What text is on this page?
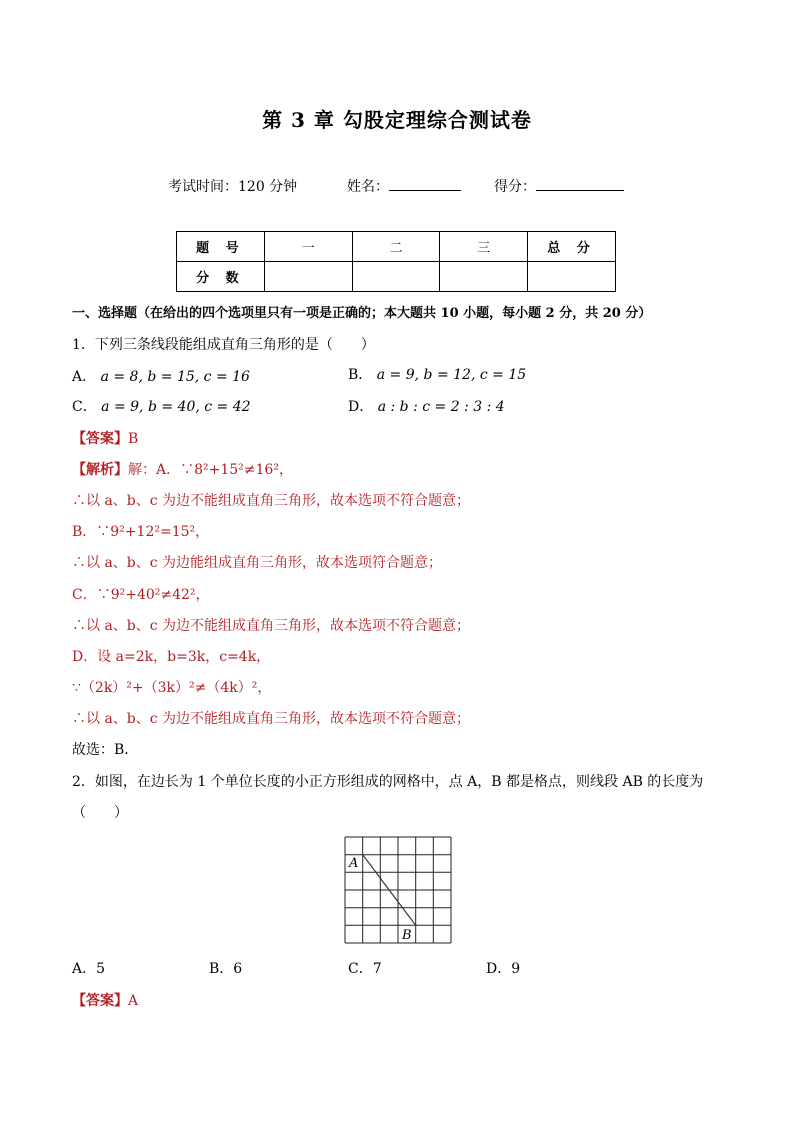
第 3 章 勾股定理综合测试卷
考试时间：120 分钟	姓名：	得分：
题 号	一	二	三	总 分
分 数				
一、选择题（在给出的四个选项里只有一项是正确的；本大题共 10 小题，每小题 2 分，共 20 分）
1．下列三条线段能组成直角三角形的是（　　）
A． a = 8, b = 15, c = 16	B． a = 9, b = 12, c = 15
C． a = 9, b = 40, c = 42	D． a : b : c = 2 : 3 : 4
【答案】B
【解析】解：A．∵8²+15²≠16²，
∴以 a、b、c 为边不能组成直角三角形，故本选项不符合题意；
B．∵9²+12²=15²，
∴以 a、b、c 为边能组成直角三角形，故本选项符合题意；
C．∵9²+40²≠42²，
∴以 a、b、c 为边不能组成直角三角形，故本选项不符合题意；
D．设 a=2k，b=3k，c=4k，
∵（2k）²+（3k）²≠（4k）²，
∴以 a、b、c 为边不能组成直角三角形，故本选项不符合题意；
故选：B．
2．如图，在边长为 1 个单位长度的小正方形组成的网格中，点 A，B 都是格点，则线段 AB 的长度为
（　　）
A
B
A．5	B．6	C．7	D．9
【答案】A
